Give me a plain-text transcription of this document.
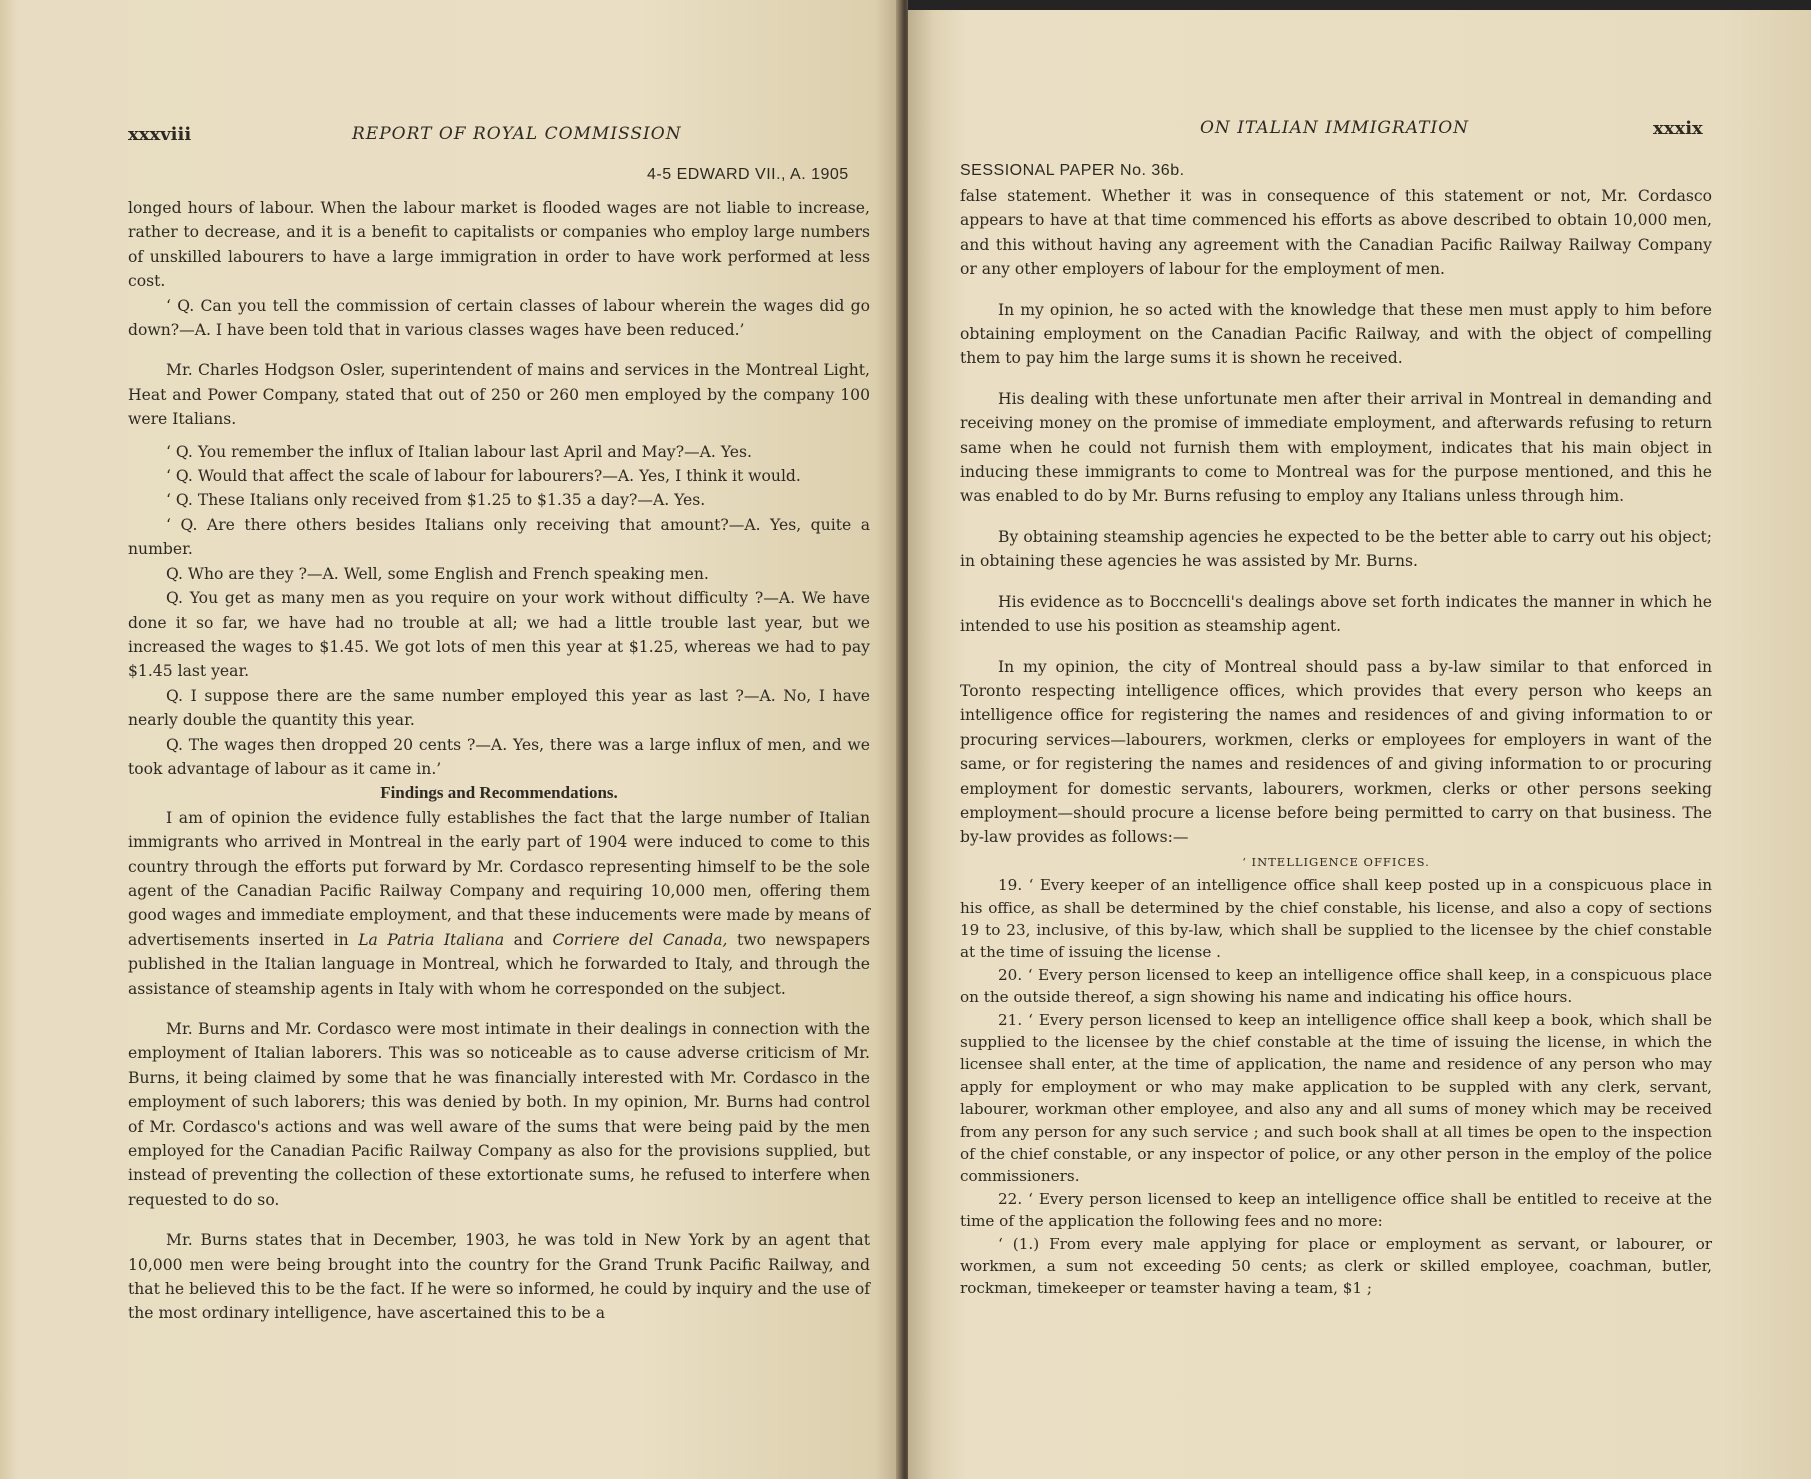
xxxviii	REPORT OF ROYAL COMMISSION
4-5 EDWARD VII., A. 1905

longed hours of labour. When the labour market is flooded wages are not liable to increase, rather to decrease, and it is a benefit to capitalists or companies who employ large numbers of unskilled labourers to have a large immigration in order to have work performed at less cost.

‘ Q. Can you tell the commission of certain classes of labour wherein the wages did go down?—A. I have been told that in various classes wages have been reduced.’

Mr. Charles Hodgson Osler, superintendent of mains and services in the Montreal Light, Heat and Power Company, stated that out of 250 or 260 men employed by the company 100 were Italians.

‘ Q. You remember the influx of Italian labour last April and May?—A. Yes.

‘ Q. Would that affect the scale of labour for labourers?—A. Yes, I think it would.

‘ Q. These Italians only received from $1.25 to $1.35 a day?—A. Yes.

‘ Q. Are there others besides Italians only receiving that amount?—A. Yes, quite a number.

Q. Who are they ?—A. Well, some English and French speaking men.

Q. You get as many men as you require on your work without difficulty ?—A. We have done it so far, we have had no trouble at all; we had a little trouble last year, but we increased the wages to $1.45. We got lots of men this year at $1.25, whereas we had to pay $1.45 last year.

Q. I suppose there are the same number employed this year as last ?—A. No, I have nearly double the quantity this year.

Q. The wages then dropped 20 cents ?—A. Yes, there was a large influx of men, and we took advantage of labour as it came in.’

Findings and Recommendations.

I am of opinion the evidence fully establishes the fact that the large number of Italian immigrants who arrived in Montreal in the early part of 1904 were induced to come to this country through the efforts put forward by Mr. Cordasco representing himself to be the sole agent of the Canadian Pacific Railway Company and requiring 10,000 men, offering them good wages and immediate employment, and that these inducements were made by means of advertisements inserted in La Patria Italiana and Corriere del Canada, two newspapers published in the Italian language in Montreal, which he forwarded to Italy, and through the assistance of steamship agents in Italy with whom he corresponded on the subject.

Mr. Burns and Mr. Cordasco were most intimate in their dealings in connection with the employment of Italian laborers. This was so noticeable as to cause adverse criticism of Mr. Burns, it being claimed by some that he was financially interested with Mr. Cordasco in the employment of such laborers; this was denied by both. In my opinion, Mr. Burns had control of Mr. Cordasco's actions and was well aware of the sums that were being paid by the men employed for the Canadian Pacific Railway Company as also for the provisions supplied, but instead of preventing the collection of these extortionate sums, he refused to interfere when requested to do so.

Mr. Burns states that in December, 1903, he was told in New York by an agent that 10,000 men were being brought into the country for the Grand Trunk Pacific Railway, and that he believed this to be the fact. If he were so informed, he could by inquiry and the use of the most ordinary intelligence, have ascertained this to be a

ON ITALIAN IMMIGRATION	xxxix
SESSIONAL PAPER No. 36b.

false statement. Whether it was in consequence of this statement or not, Mr. Cordasco appears to have at that time commenced his efforts as above described to obtain 10,000 men, and this without having any agreement with the Canadian Pacific Railway Railway Company or any other employers of labour for the employment of men.

In my opinion, he so acted with the knowledge that these men must apply to him before obtaining employment on the Canadian Pacific Railway, and with the object of compelling them to pay him the large sums it is shown he received.

His dealing with these unfortunate men after their arrival in Montreal in demanding and receiving money on the promise of immediate employment, and afterwards refusing to return same when he could not furnish them with employment, indicates that his main object in inducing these immigrants to come to Montreal was for the purpose mentioned, and this he was enabled to do by Mr. Burns refusing to employ any Italians unless through him.

By obtaining steamship agencies he expected to be the better able to carry out his object; in obtaining these agencies he was assisted by Mr. Burns.

His evidence as to Boccncelli's dealings above set forth indicates the manner in which he intended to use his position as steamship agent.

In my opinion, the city of Montreal should pass a by-law similar to that enforced in Toronto respecting intelligence offices, which provides that every person who keeps an intelligence office for registering the names and residences of and giving information to or procuring services—labourers, workmen, clerks or employees for employers in want of the same, or for registering the names and residences of and giving information to or procuring employment for domestic servants, labourers, workmen, clerks or other persons seeking employment—should procure a license before being permitted to carry on that business. The by-law provides as follows:—

‘ INTELLIGENCE OFFICES.

19. ‘ Every keeper of an intelligence office shall keep posted up in a conspicuous place in his office, as shall be determined by the chief constable, his license, and also a copy of sections 19 to 23, inclusive, of this by-law, which shall be supplied to the licensee by the chief constable at the time of issuing the license .

20. ‘ Every person licensed to keep an intelligence office shall keep, in a conspicuous place on the outside thereof, a sign showing his name and indicating his office hours.

21. ‘ Every person licensed to keep an intelligence office shall keep a book, which shall be supplied to the licensee by the chief constable at the time of issuing the license, in which the licensee shall enter, at the time of application, the name and residence of any person who may apply for employment or who may make application to be suppled with any clerk, servant, labourer, workman other employee, and also any and all sums of money which may be received from any person for any such service ; and such book shall at all times be open to the inspection of the chief constable, or any inspector of police, or any other person in the employ of the police commissioners.

22. ‘ Every person licensed to keep an intelligence office shall be entitled to receive at the time of the application the following fees and no more:

‘ (1.) From every male applying for place or employment as servant, or labourer, or workmen, a sum not exceeding 50 cents; as clerk or skilled employee, coachman, butler, rockman, timekeeper or teamster having a team, $1 ;
